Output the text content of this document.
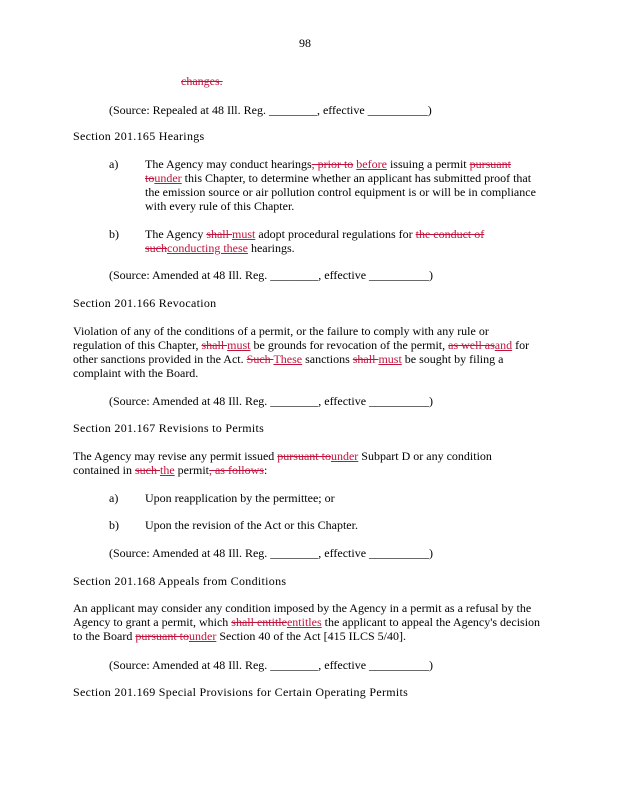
98
changes.
(Source: Repealed at 48 Ill. Reg. ________, effective __________)
Section 201.165 Hearings
a) The Agency may conduct hearings, prior to before issuing a permit pursuant
tounder this Chapter, to determine whether an applicant has submitted proof that
the emission source or air pollution control equipment is or will be in compliance
with every rule of this Chapter.
b) The Agency shall must adopt procedural regulations for the conduct of
suchconducting these hearings.
(Source: Amended at 48 Ill. Reg. ________, effective __________)
Section 201.166 Revocation
Violation of any of the conditions of a permit, or the failure to comply with any rule or
regulation of this Chapter, shall must be grounds for revocation of the permit, as well asand for
other sanctions provided in the Act. Such These sanctions shall must be sought by filing a
complaint with the Board.
(Source: Amended at 48 Ill. Reg. ________, effective __________)
Section 201.167 Revisions to Permits
The Agency may revise any permit issued pursuant tounder Subpart D or any condition
contained in such the permit, as follows:
a) Upon reapplication by the permittee; or
b) Upon the revision of the Act or this Chapter.
(Source: Amended at 48 Ill. Reg. ________, effective __________)
Section 201.168 Appeals from Conditions
An applicant may consider any condition imposed by the Agency in a permit as a refusal by the
Agency to grant a permit, which shall entitleentitles the applicant to appeal the Agency's decision
to the Board pursuant tounder Section 40 of the Act [415 ILCS 5/40].
(Source: Amended at 48 Ill. Reg. ________, effective __________)
Section 201.169 Special Provisions for Certain Operating Permits
